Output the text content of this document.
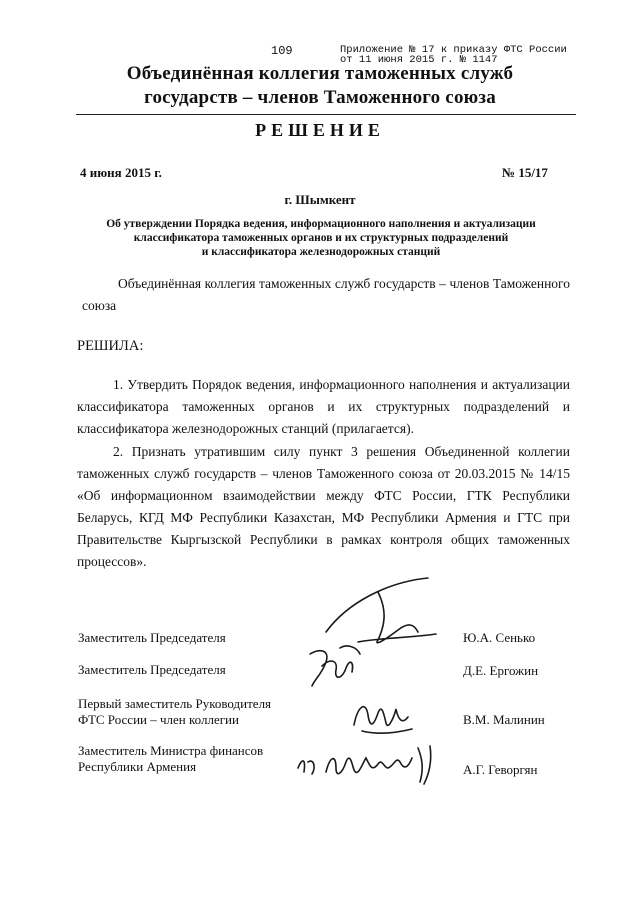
109	Приложение № 17 к приказу ФТС России
от 11 июня 2015 г. № 1147
Объединённая коллегия таможенных служб
государств – членов Таможенного союза
РЕШЕНИЕ
4 июня 2015 г.	№ 15/17
г. Шымкент
Об утверждении Порядка ведения, информационного наполнения и актуализации
классификатора таможенных органов и их структурных подразделений
и классификатора железнодорожных станций
Объединённая коллегия таможенных служб государств – членов Таможенного союза
РЕШИЛА:
1. Утвердить Порядок ведения, информационного наполнения и актуализации классификатора таможенных органов и их структурных подразделений и классификатора железнодорожных станций (прилагается).
2. Признать утратившим силу пункт 3 решения Объединенной коллегии таможенных служб государств – членов Таможенного союза от 20.03.2015 № 14/15 «Об информационном взаимодействии между ФТС России, ГТК Республики Беларусь, КГД МФ Республики Казахстан, МФ Республики Армения и ГТС при Правительстве Кыргызской Республики в рамках контроля общих таможенных процессов».
Заместитель Председателя	Ю.А. Сенько
Заместитель Председателя	Д.Е. Ергожин
Первый заместитель Руководителя
ФТС России – член коллегии	В.М. Малинин
Заместитель Министра финансов
Республики Армения	А.Г. Геворгян
